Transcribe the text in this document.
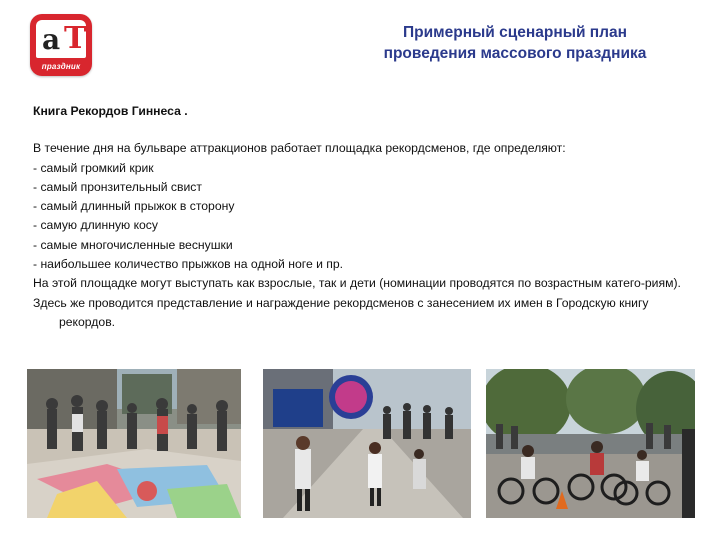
a T
праздник
Примерный сценарный план
проведения массового праздника

Книга Рекордов Гиннеса .

В течение дня на бульваре аттракционов работает площадка рекордсменов, где определяют:

- самый громкий крик

- самый пронзительный свист

- самый длинный прыжок в сторону

- самую длинную косу

- самые многочисленные веснушки

- наибольшее количество прыжков на одной ноге и пр.

На этой площадке могут выступать как взрослые, так и дети (номинации проводятся по возрастным катего-риям).

Здесь же проводится представление и награждение рекордсменов с занесением их имен в Городскую книгу рекордов.
